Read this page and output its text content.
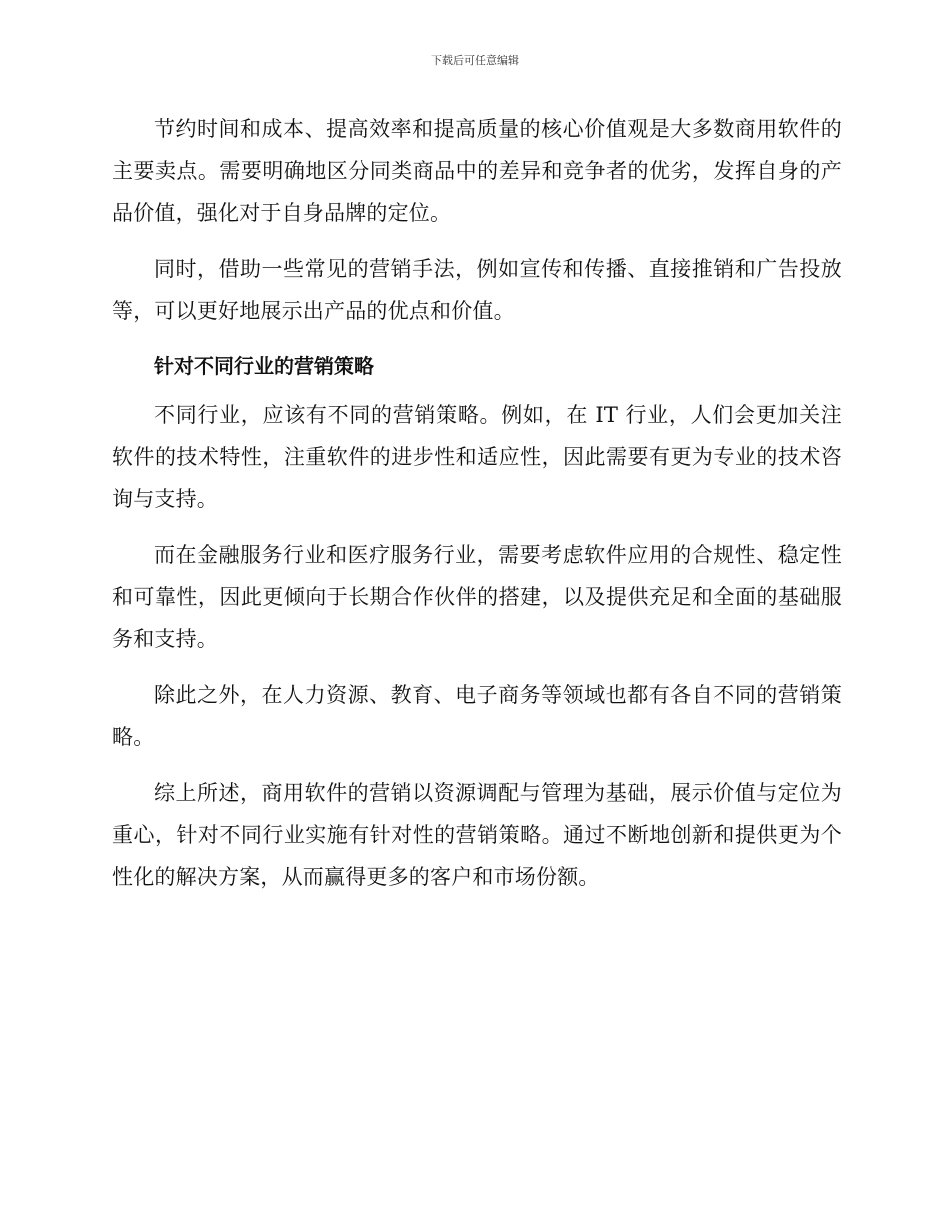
下载后可任意编辑

节约时间和成本、提高效率和提高质量的核心价值观是大多数商用软件的主要卖点。需要明确地区分同类商品中的差异和竞争者的优劣，发挥自身的产品价值，强化对于自身品牌的定位。

同时，借助一些常见的营销手法，例如宣传和传播、直接推销和广告投放等，可以更好地展示出产品的优点和价值。

针对不同行业的营销策略

不同行业，应该有不同的营销策略。例如，在 IT 行业，人们会更加关注软件的技术特性，注重软件的进步性和适应性，因此需要有更为专业的技术咨询与支持。

而在金融服务行业和医疗服务行业，需要考虑软件应用的合规性、稳定性和可靠性，因此更倾向于长期合作伙伴的搭建，以及提供充足和全面的基础服务和支持。

除此之外，在人力资源、教育、电子商务等领域也都有各自不同的营销策略。

综上所述，商用软件的营销以资源调配与管理为基础，展示价值与定位为重心，针对不同行业实施有针对性的营销策略。通过不断地创新和提供更为个性化的解决方案，从而赢得更多的客户和市场份额。
